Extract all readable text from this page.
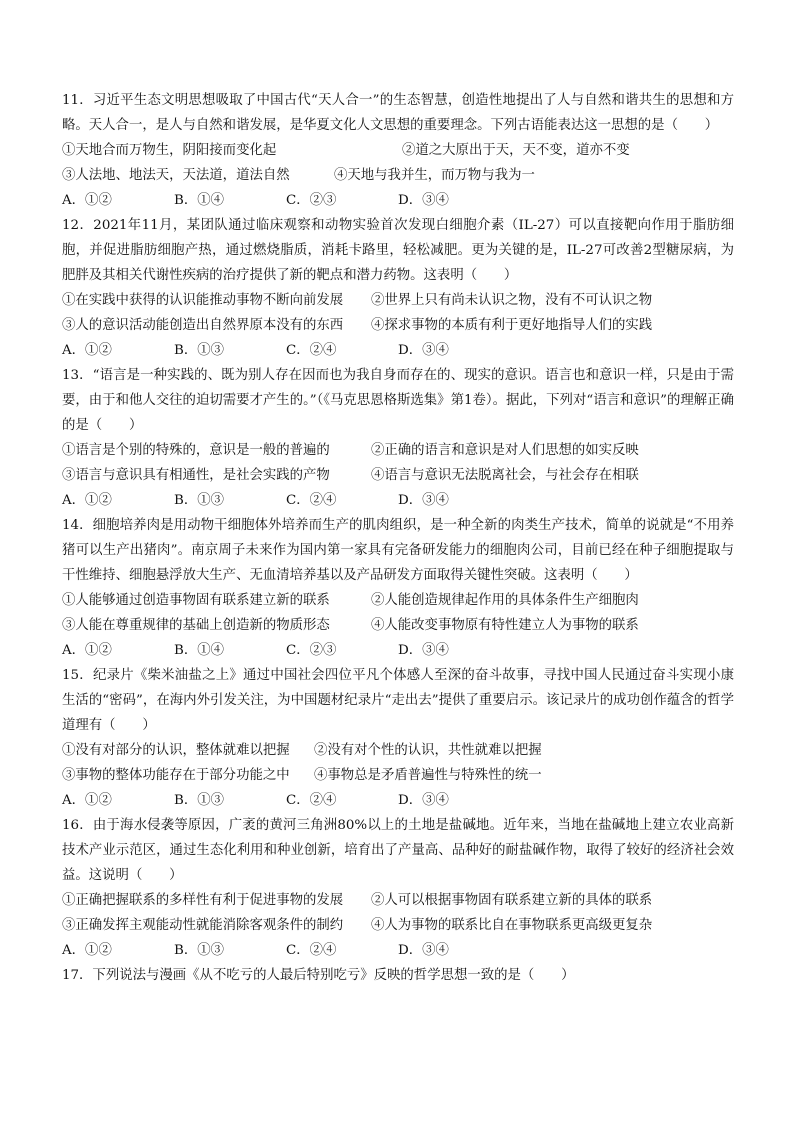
11．习近平生态文明思想吸取了中国古代“天人合一”的生态智慧，创造性地提出了人与自然和谐共生的思想和方略。天人合一，是人与自然和谐发展，是华夏文化人文思想的重要理念。下列古语能表达这一思想的是（　　）
①天地合而万物生，阴阳接而变化起	②道之大原出于天，天不变，道亦不变
③人法地、地法天，天法道，道法自然	④天地与我并生，而万物与我为一
A．①②	B．①④	C．②③	D．③④
12．2021年11月，某团队通过临床观察和动物实验首次发现白细胞介素（IL-27）可以直接靶向作用于脂肪细胞，并促进脂肪细胞产热，通过燃烧脂质，消耗卡路里，轻松减肥。更为关键的是，IL-27可改善2型糖尿病，为肥胖及其相关代谢性疾病的治疗提供了新的靶点和潜力药物。这表明（　　）
①在实践中获得的认识能推动事物不断向前发展	②世界上只有尚未认识之物，没有不可认识之物
③人的意识活动能创造出自然界原本没有的东西	④探求事物的本质有利于更好地指导人们的实践
A．①②	B．①③	C．②④	D．③④
13．“语言是一种实践的、既为别人存在因而也为我自身而存在的、现实的意识。语言也和意识一样，只是由于需要，由于和他人交往的迫切需要才产生的。”（《马克思恩格斯选集》第1卷）。据此，下列对“语言和意识”的理解正确的是（　　）
①语言是个别的特殊的，意识是一般的普遍的	②正确的语言和意识是对人们思想的如实反映
③语言与意识具有相通性，是社会实践的产物	④语言与意识无法脱离社会，与社会存在相联
A．①②	B．①③	C．②④	D．③④
14．细胞培养肉是用动物干细胞体外培养而生产的肌肉组织，是一种全新的肉类生产技术，简单的说就是“不用养猪可以生产出猪肉”。南京周子未来作为国内第一家具有完备研发能力的细胞肉公司，目前已经在种子细胞提取与干性维持、细胞悬浮放大生产、无血清培养基以及产品研发方面取得关键性突破。这表明（　　）
①人能够通过创造事物固有联系建立新的联系	②人能创造规律起作用的具体条件生产细胞肉
③人能在尊重规律的基础上创造新的物质形态	④人能改变事物原有特性建立人为事物的联系
A．①②	B．①④	C．②③	D．③④
15．纪录片《柴米油盐之上》通过中国社会四位平凡个体感人至深的奋斗故事，寻找中国人民通过奋斗实现小康生活的“密码”，在海内外引发关注，为中国题材纪录片“走出去”提供了重要启示。该记录片的成功创作蕴含的哲学道理有（　　）
①没有对部分的认识，整体就难以把握	②没有对个性的认识，共性就难以把握
③事物的整体功能存在于部分功能之中	④事物总是矛盾普遍性与特殊性的统一
A．①②	B．①③	C．②④	D．③④
16．由于海水侵袭等原因，广袤的黄河三角洲80%以上的土地是盐碱地。近年来，当地在盐碱地上建立农业高新技术产业示范区，通过生态化利用和种业创新，培育出了产量高、品种好的耐盐碱作物，取得了较好的经济社会效益。这说明（　　）
①正确把握联系的多样性有利于促进事物的发展	②人可以根据事物固有联系建立新的具体的联系
③正确发挥主观能动性就能消除客观条件的制约	④人为事物的联系比自在事物联系更高级更复杂
A．①②	B．①③	C．②④	D．③④
17．下列说法与漫画《从不吃亏的人最后特别吃亏》反映的哲学思想一致的是（　　）
